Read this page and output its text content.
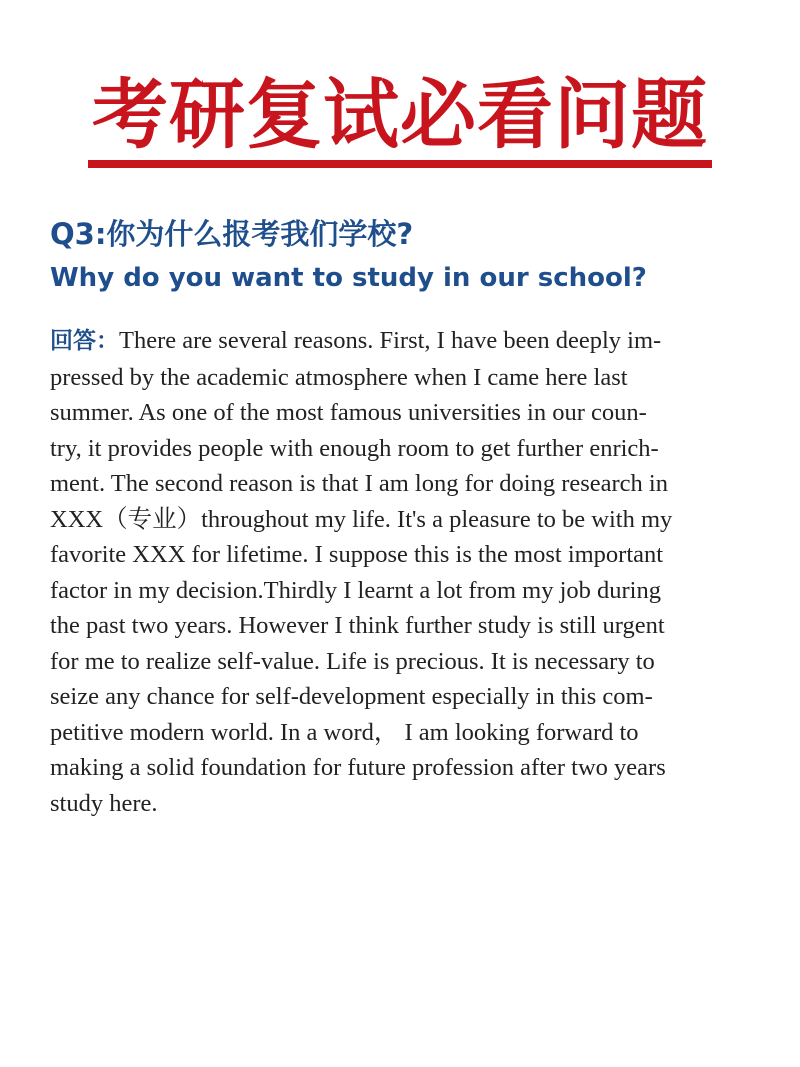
考研复试必看问题
Q3:你为什么报考我们学校?
Why do you want to study in our school?
回答：There are several reasons. First, I have been deeply im-
pressed by the academic atmosphere when I came here last
summer. As one of the most famous universities in our coun-
try, it provides people with enough room to get further enrich-
ment. The second reason is that I am long for doing research in
XXX（专业）throughout my life. It's a pleasure to be with my
favorite XXX for lifetime. I suppose this is the most important
factor in my decision.Thirdly I learnt a lot from my job during
the past two years. However I think further study is still urgent
for me to realize self-value. Life is precious. It is necessary to
seize any chance for self-development especially in this com-
petitive modern world. In a word， I am looking forward to
making a solid foundation for future profession after two years
study here.
